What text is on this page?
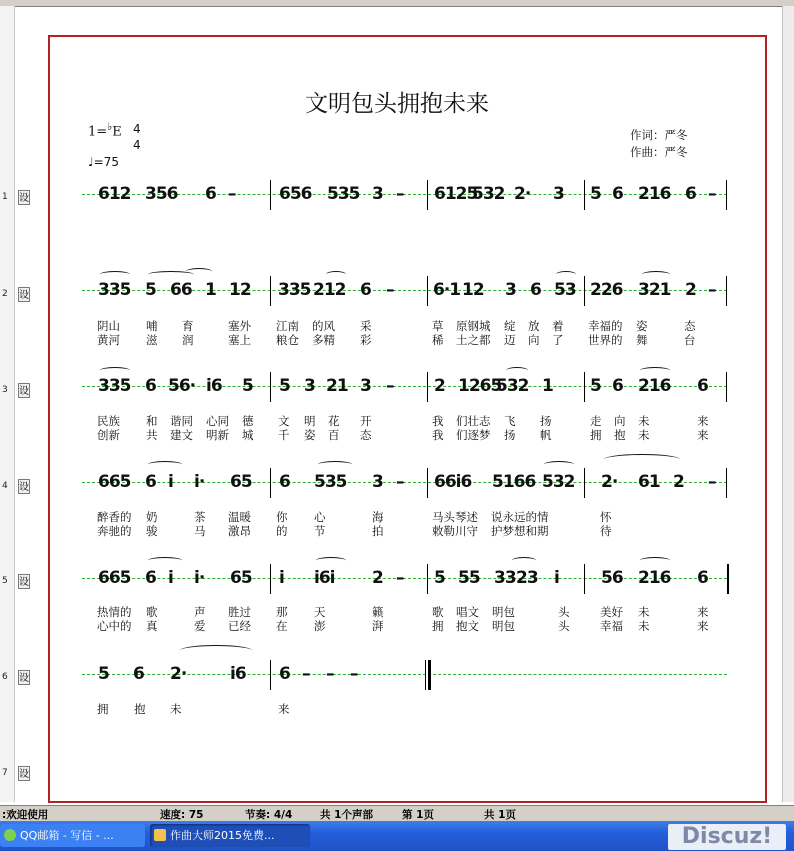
1 设
2 设
3 设
4 设
5 设
6 设
7 设
文明包头拥抱未来
1=♭E 4
4
♩=75
作词：严冬
作曲：严冬
612 356 6 –	656 535 3 – 6125
532 2· 3 5 6 216 6 –
335 5 66 1 12 335 212 6 – 6·1 12 3 6 53 226 321 2 –
阴山 哺 育	塞外 江南 的风 采	草 原钢城 绽 放 着 幸福的 姿	态
黄河 滋 润	塞上 粮仓 多精 彩	稀 土之都 迈 向 了 世界的 舞	台
335 6 56· i6 5 5 3 21 3 – 2 1265
532 1 5 6 216 6
民族 和 谐同 心同 德 文 明 花 开	我 们壮志 飞 扬	走 向 未	来
创新 共 建文 明新 城 千 姿 百 态	我 们逐梦 扬 帆	拥 抱 未	来
665 6 i i· 65 6 535 3 – 66i6 5166 532 2· 61 2 –
醉香的 奶	茶 温暖 你 心	海	马头琴述 说永远的情	怀
奔驰的 骏	马 激昂 的 节	拍	敕勒川守 护梦想和期	待
665 6 i i· 65 i i6i 2 – 5 55 33 23 i 56 216 6
热情的 歌	声 胜过 那 天	籁	歌 唱文 明包	头	美好 未	来
心中的 真	爱 已经 在 澎	湃	拥 抱文 明包	头	幸福 未	来
5 6 2·	i6 6 – – –
拥 抱 未	来
:欢迎使用	速度: 75	节奏: 4/4	共 1个声部	第 1页	共 1页
QQ邮箱 - 写信 - ...	作曲大师2015免费...	Discuz!
